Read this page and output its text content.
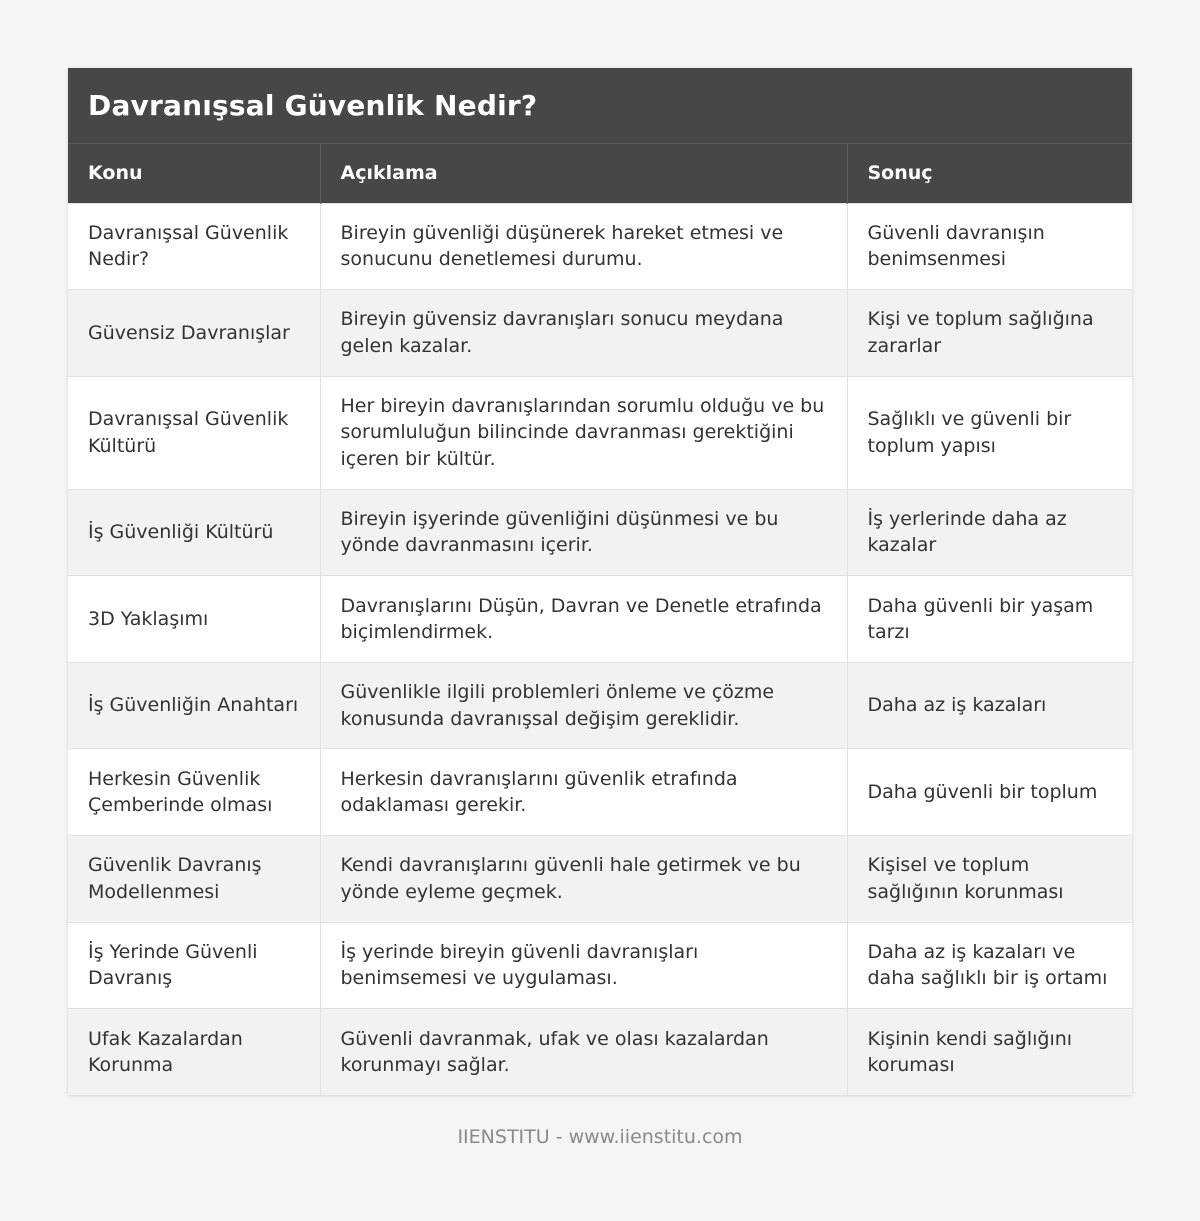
Davranışsal Güvenlik Nedir?
Konu	Açıklama	Sonuç
Davranışsal Güvenlik Nedir?	Bireyin güvenliği düşünerek hareket etmesi ve sonucunu denetlemesi durumu.	Güvenli davranışın benimsenmesi
Güvensiz Davranışlar	Bireyin güvensiz davranışları sonucu meydana gelen kazalar.	Kişi ve toplum sağlığına zararlar
Davranışsal Güvenlik Kültürü	Her bireyin davranışlarından sorumlu olduğu ve bu sorumluluğun bilincinde davranması gerektiğini içeren bir kültür.	Sağlıklı ve güvenli bir toplum yapısı
İş Güvenliği Kültürü	Bireyin işyerinde güvenliğini düşünmesi ve bu yönde davranmasını içerir.	İş yerlerinde daha az kazalar
3D Yaklaşımı	Davranışlarını Düşün, Davran ve Denetle etrafında biçimlendirmek.	Daha güvenli bir yaşam tarzı
İş Güvenliğin Anahtarı	Güvenlikle ilgili problemleri önleme ve çözme konusunda davranışsal değişim gereklidir.	Daha az iş kazaları
Herkesin Güvenlik Çemberinde olması	Herkesin davranışlarını güvenlik etrafında odaklaması gerekir.	Daha güvenli bir toplum
Güvenlik Davranış Modellenmesi	Kendi davranışlarını güvenli hale getirmek ve bu yönde eyleme geçmek.	Kişisel ve toplum sağlığının korunması
İş Yerinde Güvenli Davranış	İş yerinde bireyin güvenli davranışları benimsemesi ve uygulaması.	Daha az iş kazaları ve daha sağlıklı bir iş ortamı
Ufak Kazalardan Korunma	Güvenli davranmak, ufak ve olası kazalardan korunmayı sağlar.	Kişinin kendi sağlığını koruması
IIENSTITU - www.iienstitu.com
